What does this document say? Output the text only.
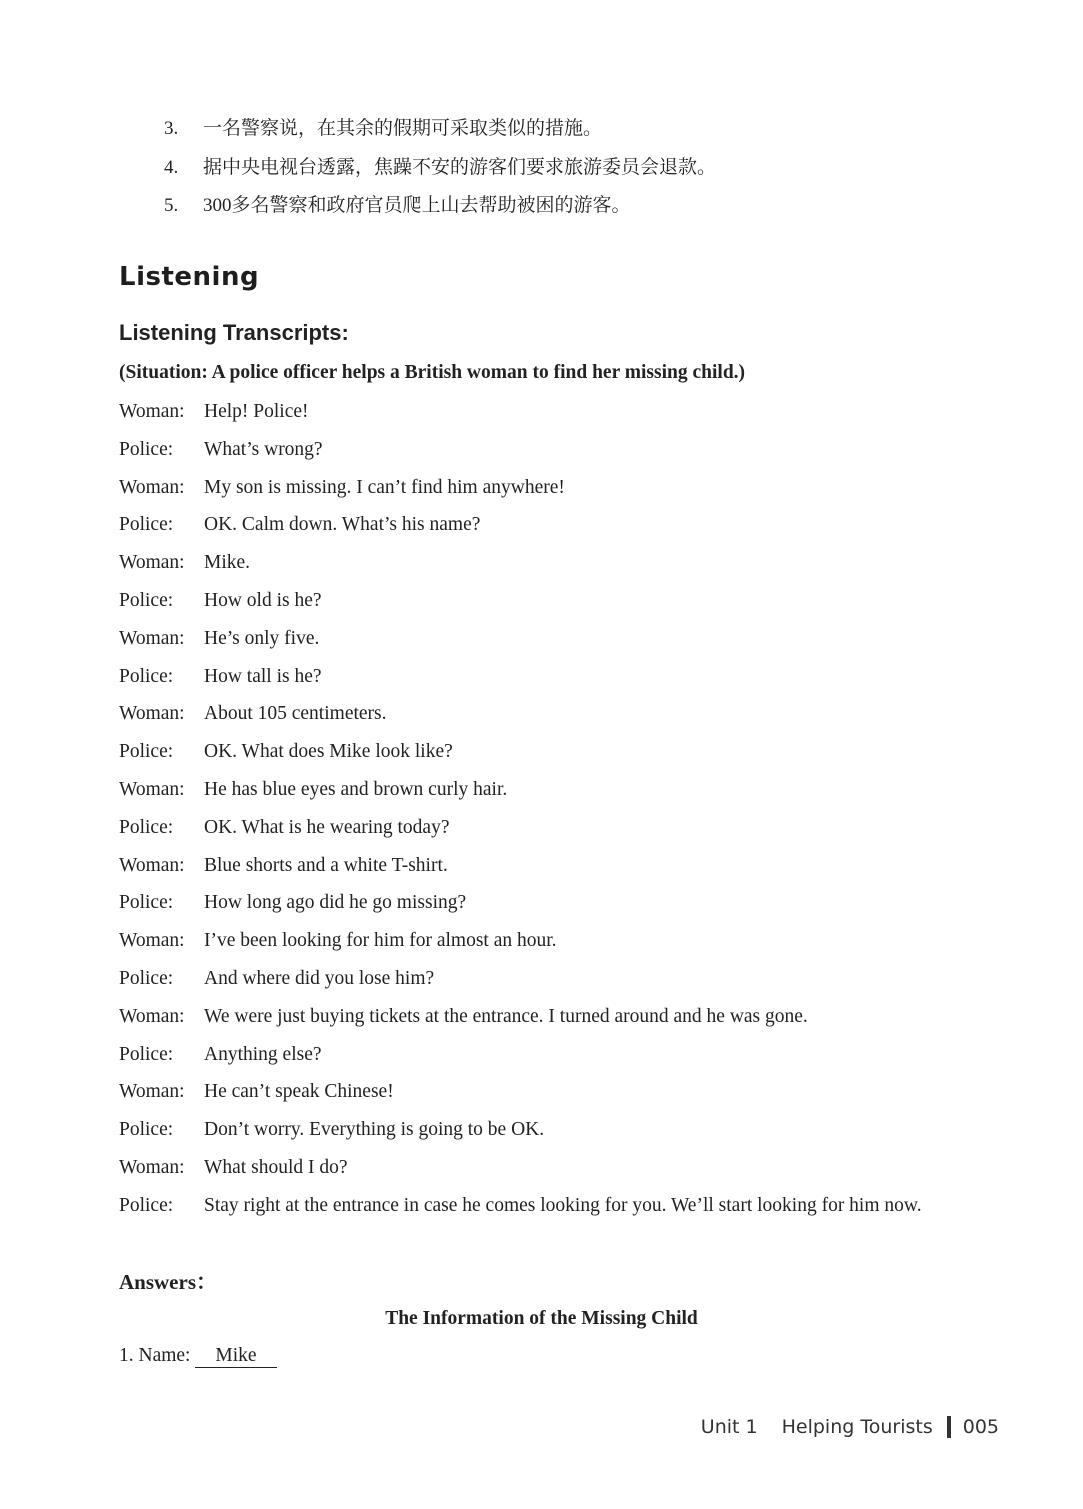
3.	一名警察说，在其余的假期可采取类似的措施。
4.	据中央电视台透露，焦躁不安的游客们要求旅游委员会退款。
5.	300多名警察和政府官员爬上山去帮助被困的游客。
Listening
Listening Transcripts:

(Situation: A police officer helps a British woman to find her missing child.)

Woman: Help! Police!
Police:	What’s wrong?
Woman: My son is missing. I can’t find him anywhere!
Police:	OK. Calm down. What’s his name?
Woman: Mike.
Police:	How old is he?
Woman: He’s only five.
Police:	How tall is he?
Woman: About 105 centimeters.
Police:	OK. What does Mike look like?
Woman: He has blue eyes and brown curly hair.
Police:	OK. What is he wearing today?
Woman: Blue shorts and a white T-shirt.
Police:	How long ago did he go missing?
Woman: I’ve been looking for him for almost an hour.
Police:	And where did you lose him?
Woman: We were just buying tickets at the entrance. I turned around and he was gone.
Police:	Anything else?
Woman: He can’t speak Chinese!
Police:	Don’t worry. Everything is going to be OK.
Woman: What should I do?
Police:	Stay right at the entrance in case he comes looking for you. We’ll start looking for him now.

Answers：

The Information of the Missing Child

1. Name: Mike
Unit 1 Helping Tourists 005
